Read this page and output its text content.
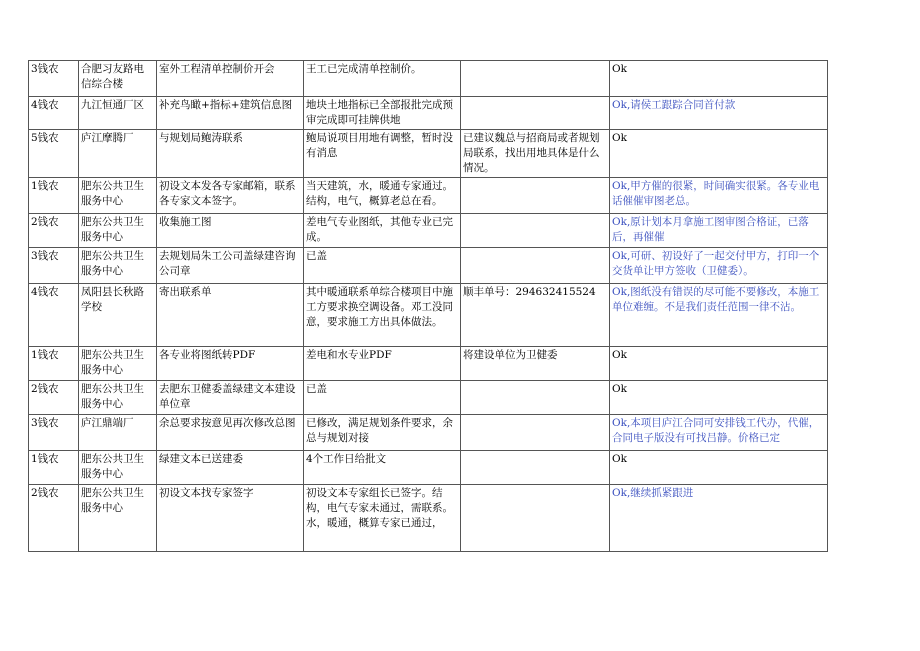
3钱农	合肥习友路电信综合楼	室外工程清单控制价开会	王工已完成清单控制价。		Ok
4钱农	九江恒通厂区	补充鸟瞰+指标+建筑信息图	地块土地指标已全部报批完成预审完成即可挂牌供地		Ok,请侯工跟踪合同首付款
5钱农	庐江摩腾厂	与规划局鲍涛联系	鲍局说项目用地有调整，暂时没有消息	已建议魏总与招商局或者规划局联系，找出用地具体是什么情况。	Ok
1钱农	肥东公共卫生服务中心	初设文本发各专家邮箱，联系各专家文本签字。	当天建筑，水，暖通专家通过。结构，电气，概算老总在看。		Ok,甲方催的很紧，时间确实很紧。各专业电话催催审图老总。
2钱农	肥东公共卫生服务中心	收集施工图	差电气专业图纸，其他专业已完成。		Ok,原计划本月拿施工图审图合格证，已落后，再催催
3钱农	肥东公共卫生服务中心	去规划局朱工公司盖绿建咨询公司章	已盖		Ok,可研、初设好了一起交付甲方，打印一个交货单让甲方签收（卫健委）。
4钱农	凤阳县长秋路学校	寄出联系单	其中暖通联系单综合楼项目中施工方要求换空调设备。邓工没同意，要求施工方出具体做法。	顺丰单号：294632415524	Ok,图纸没有错误的尽可能不要修改，本施工单位难缠。不是我们责任范围一律不沾。
1钱农	肥东公共卫生服务中心	各专业将图纸转PDF	差电和水专业PDF	将建设单位为卫健委	Ok
2钱农	肥东公共卫生服务中心	去肥东卫健委盖绿建文本建设单位章	已盖		Ok
3钱农	庐江鼎端厂	余总要求按意见再次修改总图	已修改，满足规划条件要求，余总与规划对接		Ok,本项目庐江合同可安排钱工代办，代催，合同电子版没有可找吕静。价格已定
1钱农	肥东公共卫生服务中心	绿建文本已送建委	4个工作日给批文		Ok
2钱农	肥东公共卫生服务中心	初设文本找专家签字	初设文本专家组长已签字。结构，电气专家未通过，需联系。水，暖通，概算专家已通过，		Ok,继续抓紧跟进
